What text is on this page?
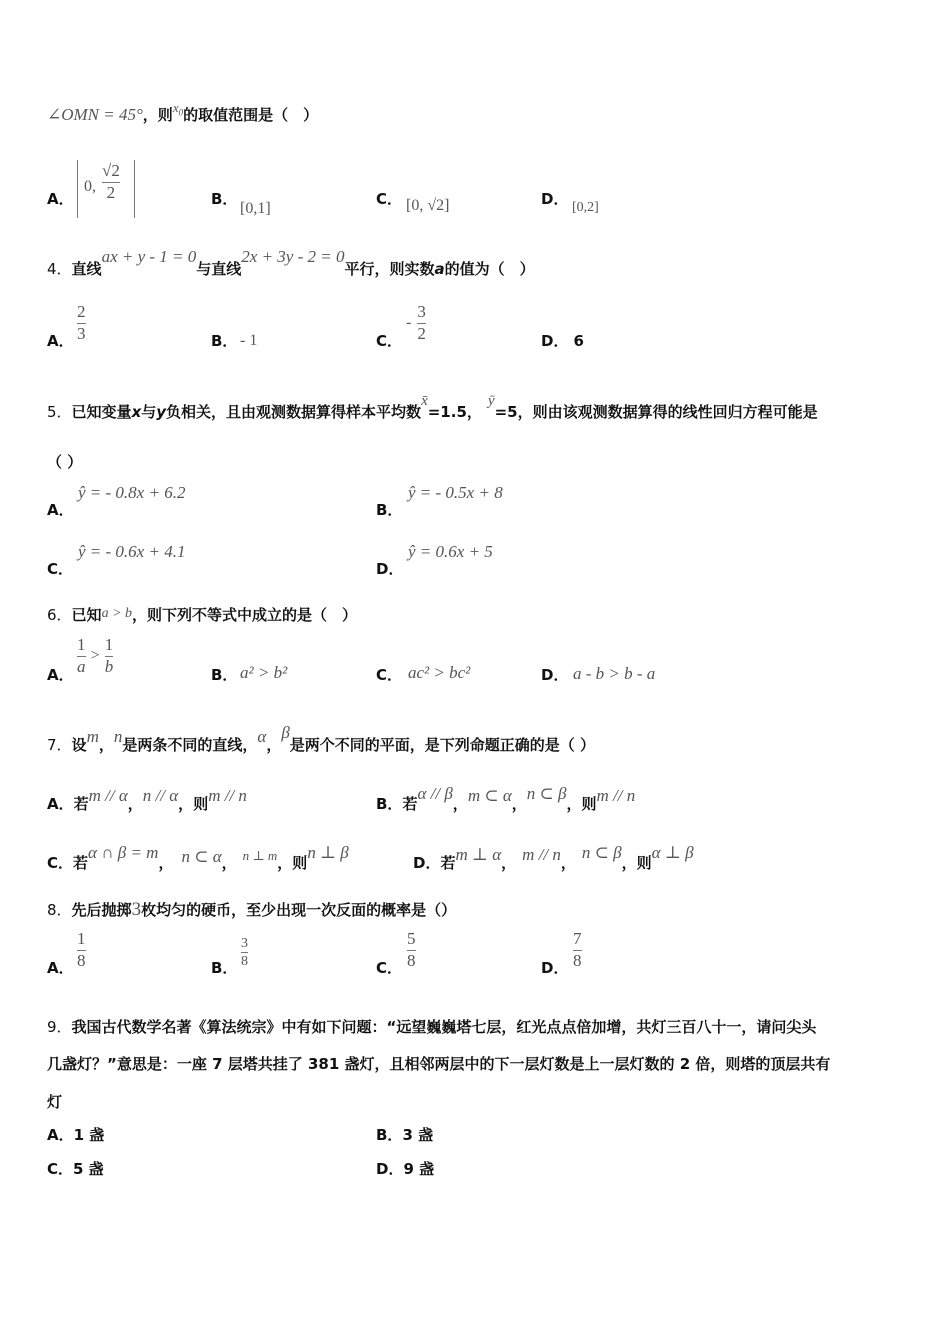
∠OMN = 45°，则$^{x_0}$的取值范围是（　）
A．
0,
√2
2	B．
[0,1]
C． [0, √2]	D． [0,2]
4．直线ax + y - 1 = 0与直线2x + 3y - 2 = 0平行，则实数a的值为（　）
A． $\frac{2}{3}$	B． - 1	C．
- $\frac{3}{2}$	D． 6
5．已知变量x与y负相关，且由观测数据算得样本平均数x̄=1.5，ȳ=5，则由该观测数据算得的线性回归方程可能是
（ ）
A．
ŷ = - 0.8x + 6.2
B．
ŷ = - 0.5x + 8
C．
ŷ = - 0.6x + 4.1
D．
ŷ = 0.6x + 5
6．已知a > b，则下列不等式中成立的是（　）
A． $\frac{1}{a} > \frac{1}{b}$	B． a² > b²	C． ac² > bc²	D． a - b > b - a
7．设m，n是两条不同的直线，α，β是两个不同的平面，是下列命题正确的是（ ）
A．若m // α，n // α，则m // n	B．若α // β，m ⊂ α，n ⊂ β，则m // n
C．若α ∩ β = m， n ⊂ α， $^{n \perp m}$，则n ⊥ β
D．若m ⊥ α， m // n，n ⊂ β，则α ⊥ β
8．先后抛掷3枚均匀的硬币，至少出现一次反面的概率是（）
A． $\frac{1}{8}$	B． $\frac{3}{8}$	C． $\frac{5}{8}$	D． $\frac{7}{8}$
9．我国古代数学名著《算法统宗》中有如下问题：“远望巍巍塔七层，红光点点倍加增，共灯三百八十一，请问尖头
几盏灯？”意思是：一座 7 层塔共挂了 381 盏灯，且相邻两层中的下一层灯数是上一层灯数的 2 倍，则塔的顶层共有
灯
A．1 盏	B．3 盏
C．5 盏	D．9 盏
